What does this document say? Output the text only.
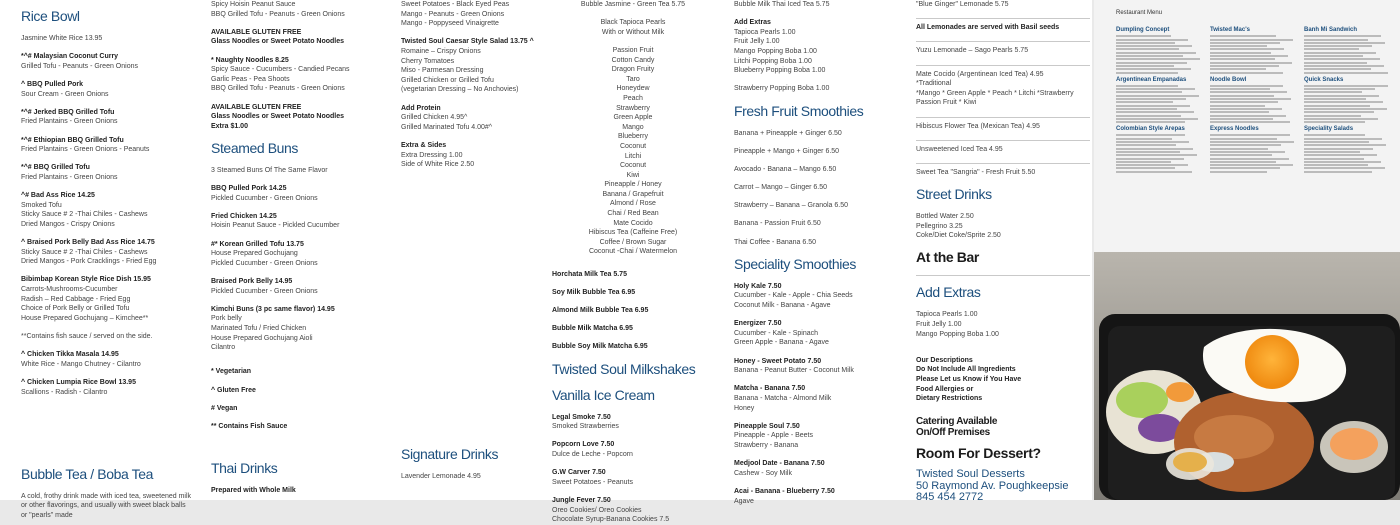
Rice Bowl
Jasmine White Rice 13.95
*^# Malaysian Coconut Curry
Grilled Tofu - Peanuts - Green Onions
^ BBQ Pulled Pork
Sour Cream - Green Onions
*^# Jerked BBQ Grilled Tofu
Fried Plantains - Green Onions
*^# Ethiopian BBQ Grilled Tofu
Fried Plantains - Green Onions - Peanuts
*^# BBQ Grilled Tofu
Fried Plantains - Green Onions
^# Bad Ass Rice 14.25
Smoked Tofu
Sticky Sauce # 2 -Thai Chiles - Cashews
Dried Mangos - Crispy Onions
^ Braised Pork Belly Bad Ass Rice 14.75
Sticky Sauce # 2 -Thai Chiles - Cashews
Dried Mangos - Pork Cracklings - Fried Egg
Bibimbap Korean Style Rice Dish 15.95
Carrots-Mushrooms-Cucumber
Radish – Red Cabbage - Fried Egg
Choice of Pork Belly or Grilled Tofu
House Prepared Gochujang – Kimchee**
**Contains fish sauce / served on the side.
^ Chicken Tikka Masala 14.95
White Rice - Mango Chutney - Cilantro
^ Chicken Lumpia Rice Bowl 13.95
Scallions - Radish - Cilantro
Bubble Tea / Boba Tea
A cold, frothy drink made with iced tea, sweetened milk or other flavorings, and usually with sweet black balls or "pearls" made
Spicy Hoisin Peanut Sauce
BBQ Grilled Tofu - Peanuts - Green Onions
AVAILABLE GLUTEN FREE
Glass Noodles or Sweet Potato Noodles
* Naughty Noodles 8.25
Spicy Sauce - Cucumbers - Candied Pecans
Garlic Peas - Pea Shoots
BBQ Grilled Tofu - Peanuts - Green Onions
AVAILABLE GLUTEN FREE
Glass Noodles or Sweet Potato Noodles
Extra $1.00
Steamed Buns
3 Steamed Buns Of The Same Flavor
BBQ Pulled Pork 14.25
Pickled Cucumber - Green Onions
Fried Chicken 14.25
Hoisin Peanut Sauce - Pickled Cucumber
#* Korean Grilled Tofu 13.75
House Prepared Gochujang
Pickled Cucumber - Green Onions
Braised Pork Belly 14.95
Pickled Cucumber - Green Onions
Kimchi Buns (3 pc same flavor) 14.95
Pork belly
Marinated Tofu / Fried Chicken
House Prepared Gochujang Aioli
Cilantro
* Vegetarian
^ Gluten Free
# Vegan
** Contains Fish Sauce
Thai Drinks
Prepared with Whole Milk
Sweet Potatoes - Black Eyed Peas
Mango - Peanuts - Green Onions
Mango - Poppyseed Vinaigrette
Twisted Soul Caesar Style Salad 13.75 ^
Romaine – Crispy Onions
Cherry Tomatoes
Miso - Parmesan Dressing
Grilled Chicken or Grilled Tofu
(vegetarian Dressing – No Anchovies)
Add Protein
Grilled Chicken 4.95^
Grilled Marinated Tofu 4.00#^
Extra & Sides
Extra Dressing 1.00
Side of White Rice 2.50
Signature Drinks
Lavender Lemonade 4.95
Bubble Jasmine - Green Tea 5.75
Black Tapioca Pearls
With or Without Milk
Passion Fruit
Cotton Candy
Dragon Fruity
Taro
Honeydew
Peach
Strawberry
Green Apple
Mango
Blueberry
Coconut
Litchi
Coconut
Kiwi
Pineapple / Honey
Banana / Grapefruit
Almond / Rose
Chai / Red Bean
Mate Cocido
Hibiscus Tea (Caffeine Free)
Coffee / Brown Sugar
Coconut -Chai / Watermelon
Horchata Milk Tea 5.75
Soy Milk Bubble Tea 6.95
Almond Milk Bubble Tea 6.95
Bubble Milk Matcha 6.95
Bubble Soy Milk Matcha 6.95
Twisted Soul Milkshakes
Vanilla Ice Cream
Legal Smoke 7.50
Smoked Strawberries
Popcorn Love 7.50
Dulce de Leche - Popcorn
G.W Carver 7.50
Sweet Potatoes - Peanuts
Jungle Fever 7.50
Oreo Cookies/ Oreo Cookies
Chocolate Syrup-Banana Cookies 7.5
Bubble Milk Thai Iced Tea 5.75
Add Extras
Tapioca Pearls 1.00
Fruit Jelly 1.00
Mango Popping Boba 1.00
Litchi Popping Boba 1.00
Blueberry Popping Boba 1.00
Strawberry Popping Boba 1.00
Fresh Fruit Smoothies
Banana + Pineapple + Ginger 6.50
Pineapple + Mango + Ginger 6.50
Avocado - Banana – Mango 6.50
Carrot – Mango – Ginger 6.50
Strawberry – Banana – Granola 6.50
Banana - Passion Fruit 6.50
Thai Coffee - Banana 6.50
Speciality Smoothies
Holy Kale 7.50
Cucumber - Kale - Apple - Chia Seeds
Coconut Milk - Banana - Agave
Energizer 7.50
Cucumber - Kale - Spinach
Green Apple - Banana - Agave
Honey - Sweet Potato 7.50
Banana - Peanut Butter - Coconut Milk
Matcha - Banana 7.50
Banana - Matcha - Almond Milk
Honey
Pineapple Soul 7.50
Pineapple - Apple - Beets
Strawberry - Banana
Medjool Date - Banana 7.50
Cashew - Soy Milk
Acai - Banana - Blueberry 7.50
Agave
"Blue Ginger" Lemonade 5.75
All Lemonades are served with Basil seeds
Yuzu Lemonade – Sago Pearls 5.75
Mate Cocido (Argentinean Iced Tea) 4.95
*Traditional
*Mango * Green Apple * Peach * Litchi *Strawberry
Passion Fruit * Kiwi
Hibiscus Flower Tea (Mexican Tea) 4.95
Unsweetened Iced Tea 4.95
Sweet Tea "Sangria" - Fresh Fruit 5.50
Street Drinks
Bottled Water 2.50
Pellegrino 3.25
Coke/Diet Coke/Sprite 2.50
At the Bar
Add Extras
Tapioca Pearls 1.00
Fruit Jelly 1.00
Mango Popping Boba 1.00
Our Descriptions
Do Not Include All Ingredients
Please Let us Know if You Have
Food Allergies or
Dietary Restrictions
Catering Available
On/Off Premises
Room For Dessert?
Twisted Soul Desserts
50 Raymond Av. Poughkeepsie
845 454 2772
Restaurant Menu
Dumpling Concept
Argentinean Empanadas
Colombian Style Arepas
Twisted Mac's
Noodle Bowl
Express Noodles
Banh Mi Sandwich
Quick Snacks
Speciality Salads
